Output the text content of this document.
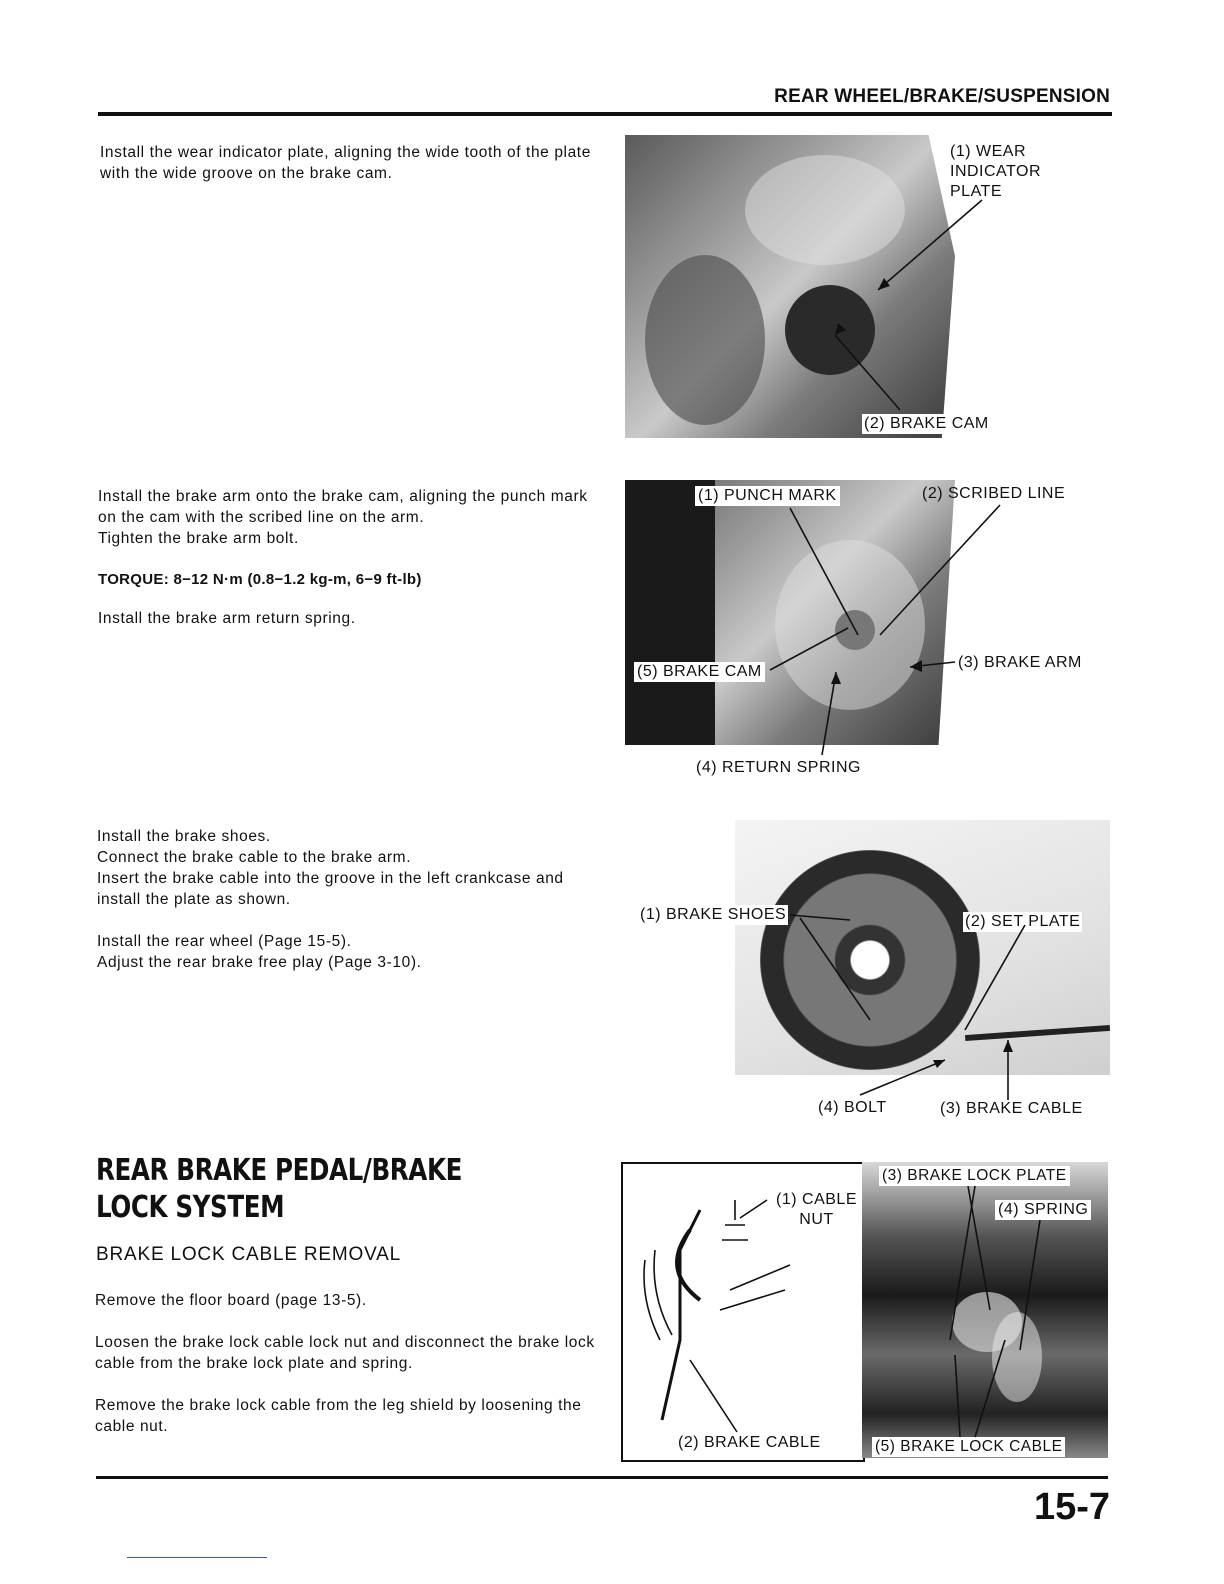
REAR WHEEL/BRAKE/SUSPENSION

Install the wear indicator plate, aligning the wide tooth of the plate with the wide groove on the brake cam.

(1) WEAR
INDICATOR
PLATE
(2) BRAKE CAM

Install the brake arm onto the brake cam, aligning the punch mark on the cam with the scribed line on the arm.

Tighten the brake arm bolt.

TORQUE: 8−12 N·m (0.8−1.2 kg-m, 6−9 ft-lb)

Install the brake arm return spring.

(1) PUNCH MARK	(2) SCRIBED LINE
(3) BRAKE ARM
(5) BRAKE CAM
(4) RETURN SPRING

Install the brake shoes.

Connect the brake cable to the brake arm.

Insert the brake cable into the groove in the left crankcase and install the plate as shown.

Install the rear wheel (Page 15-5).

Adjust the rear brake free play (Page 3-10).

(1) BRAKE SHOES	(2) SET PLATE
(3) BRAKE CABLE
(4) BOLT
REAR BRAKE PEDAL/BRAKE LOCK SYSTEM
BRAKE LOCK CABLE REMOVAL

Remove the floor board (page 13-5).

Loosen the brake lock cable lock nut and disconnect the brake lock cable from the brake lock plate and spring.

Remove the brake lock cable from the leg shield by loosening the cable nut.

(1) CABLE
NUT
(2) BRAKE CABLE
(3) BRAKE LOCK PLATE
(4) SPRING
(5) BRAKE LOCK CABLE
15-7
